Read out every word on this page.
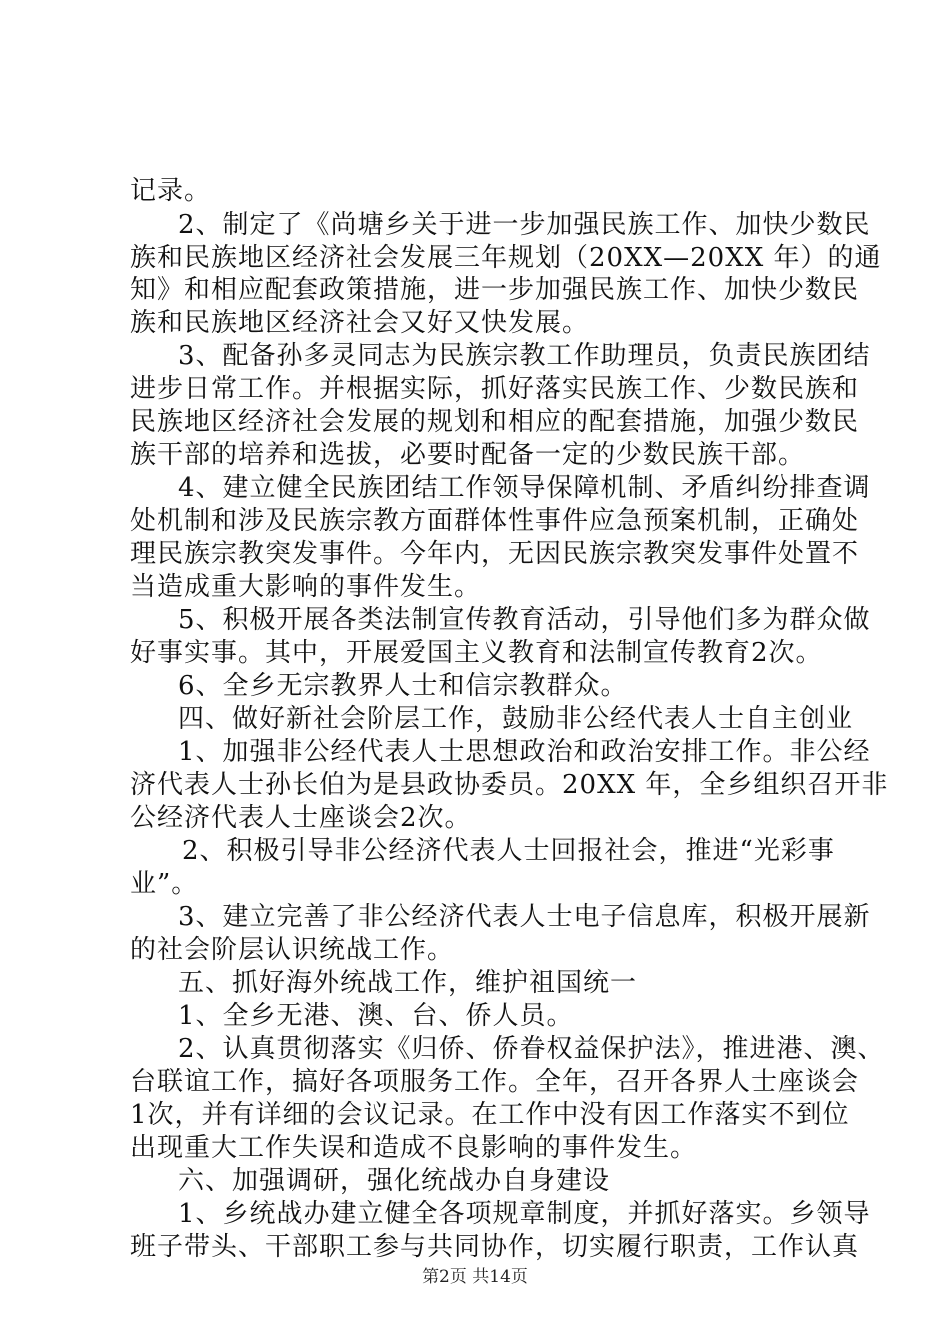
记录。
2、制定了《尚塘乡关于进一步加强民族工作、加快少数民
族和民族地区经济社会发展三年规划（20XX—20XX 年）的通
知》和相应配套政策措施，进一步加强民族工作、加快少数民
族和民族地区经济社会又好又快发展。
3、配备孙多灵同志为民族宗教工作助理员，负责民族团结
进步日常工作。并根据实际，抓好落实民族工作、少数民族和
民族地区经济社会发展的规划和相应的配套措施，加强少数民
族干部的培养和选拔，必要时配备一定的少数民族干部。
4、建立健全民族团结工作领导保障机制、矛盾纠纷排查调
处机制和涉及民族宗教方面群体性事件应急预案机制，正确处
理民族宗教突发事件。今年内，无因民族宗教突发事件处置不
当造成重大影响的事件发生。
5、积极开展各类法制宣传教育活动，引导他们多为群众做
好事实事。其中，开展爱国主义教育和法制宣传教育2次。
6、全乡无宗教界人士和信宗教群众。
四、做好新社会阶层工作，鼓励非公经代表人士自主创业
1、加强非公经代表人士思想政治和政治安排工作。非公经
济代表人士孙长伯为是县政协委员。20XX 年，全乡组织召开非
公经济代表人士座谈会2次。
2、积极引导非公经济代表人士回报社会，推进“光彩事
业”。
3、建立完善了非公经济代表人士电子信息库，积极开展新
的社会阶层认识统战工作。
五、抓好海外统战工作，维护祖国统一
1、全乡无港、澳、台、侨人员。
2、认真贯彻落实《归侨、侨眷权益保护法》，推进港、澳、
台联谊工作，搞好各项服务工作。全年，召开各界人士座谈会
1次，并有详细的会议记录。在工作中没有因工作落实不到位
出现重大工作失误和造成不良影响的事件发生。
六、加强调研，强化统战办自身建设
1、乡统战办建立健全各项规章制度，并抓好落实。乡领导
班子带头、干部职工参与共同协作，切实履行职责，工作认真
第2页 共14页
